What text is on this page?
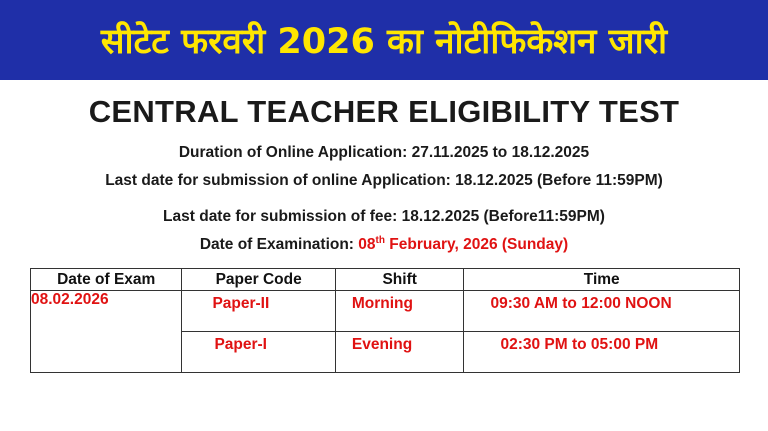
सीटेट फरवरी 2026 का नोटीफिकेशन जारी
CENTRAL TEACHER ELIGIBILITY TEST
Duration of Online Application: 27.11.2025 to 18.12.2025
Last date for submission of online Application: 18.12.2025 (Before 11:59PM)
Last date for submission of fee: 18.12.2025 (Before11:59PM)
Date of Examination: 08th February, 2026 (Sunday)
Date of Exam	Paper Code	Shift	Time
08.02.2026	Paper-II	Morning	09:30 AM to 12:00 NOON

	Paper-I	Evening	02:30 PM to 05:00 PM
